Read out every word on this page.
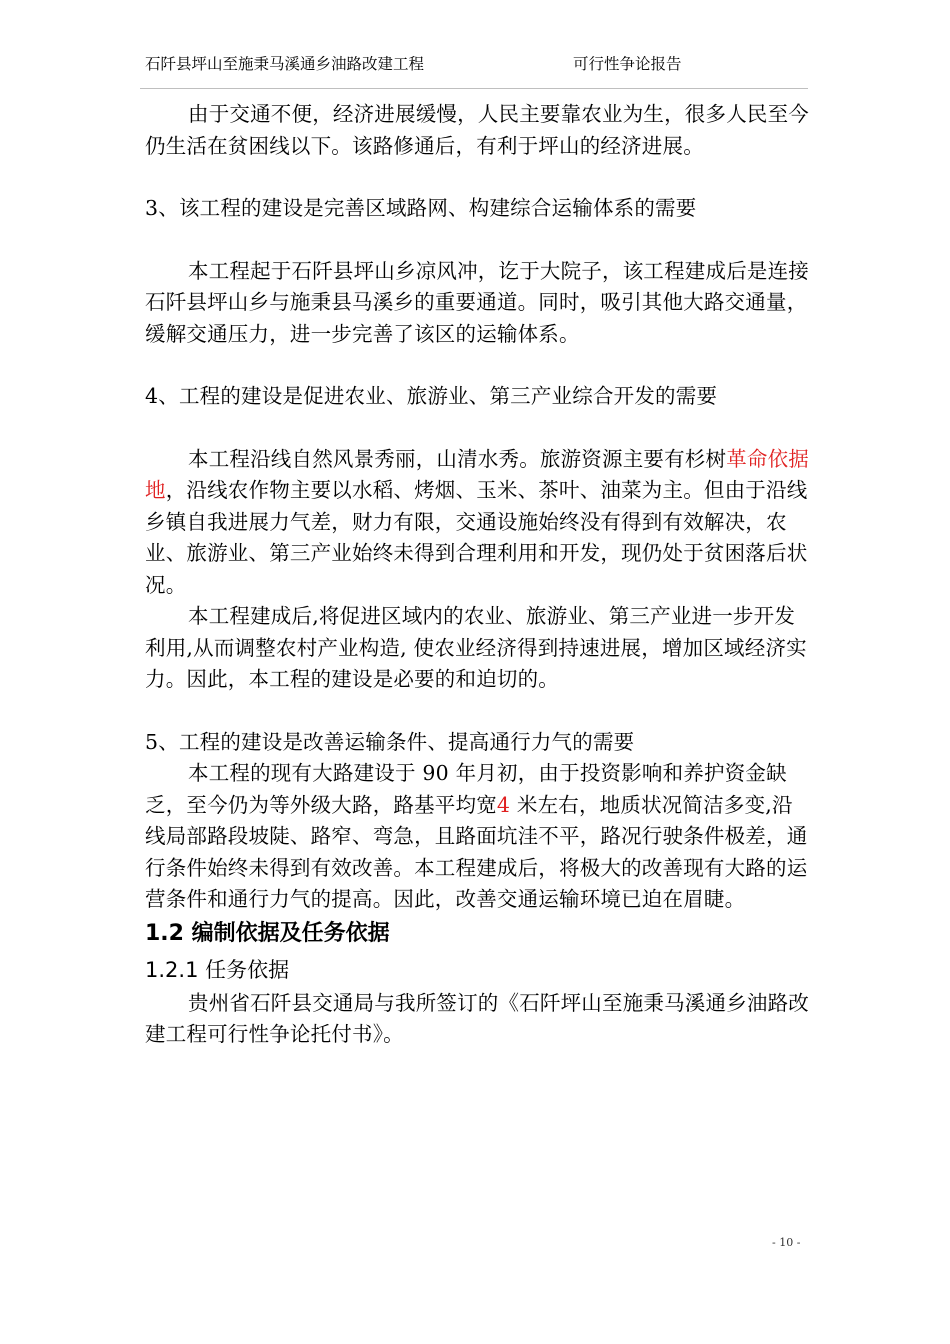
石阡县坪山至施秉马溪通乡油路改建工程	可行性争论报告

由于交通不便，经济进展缓慢，人民主要靠农业为生，很多人民至今仍生活在贫困线以下。该路修通后，有利于坪山的经济进展。

3、该工程的建设是完善区域路网、构建综合运输体系的需要

本工程起于石阡县坪山乡凉风冲，讫于大院子，该工程建成后是连接石阡县坪山乡与施秉县马溪乡的重要通道。同时，吸引其他大路交通量，缓解交通压力，进一步完善了该区的运输体系。

4、工程的建设是促进农业、旅游业、第三产业综合开发的需要

本工程沿线自然风景秀丽，山清水秀。旅游资源主要有杉树革命依据地，沿线农作物主要以水稻、烤烟、玉米、茶叶、油菜为主。但由于沿线乡镇自我进展力气差，财力有限，交通设施始终没有得到有效解决，农业、旅游业、第三产业始终未得到合理利用和开发，现仍处于贫困落后状况。

本工程建成后,将促进区域内的农业、旅游业、第三产业进一步开发利用,从而调整农村产业构造, 使农业经济得到持速进展，增加区域经济实力。因此，本工程的建设是必要的和迫切的。

5、工程的建设是改善运输条件、提高通行力气的需要

本工程的现有大路建设于 90 年月初，由于投资影响和养护资金缺乏，至今仍为等外级大路，路基平均宽4 米左右，地质状况简洁多变,沿线局部路段坡陡、路窄、弯急，且路面坑洼不平，路况行驶条件极差，通行条件始终未得到有效改善。本工程建成后，将极大的改善现有大路的运营条件和通行力气的提高。因此，改善交通运输环境已迫在眉睫。

1.2 编制依据及任务依据
1.2.1 任务依据

贵州省石阡县交通局与我所签订的《石阡坪山至施秉马溪通乡油路改建工程可行性争论托付书》。

- 10 -
